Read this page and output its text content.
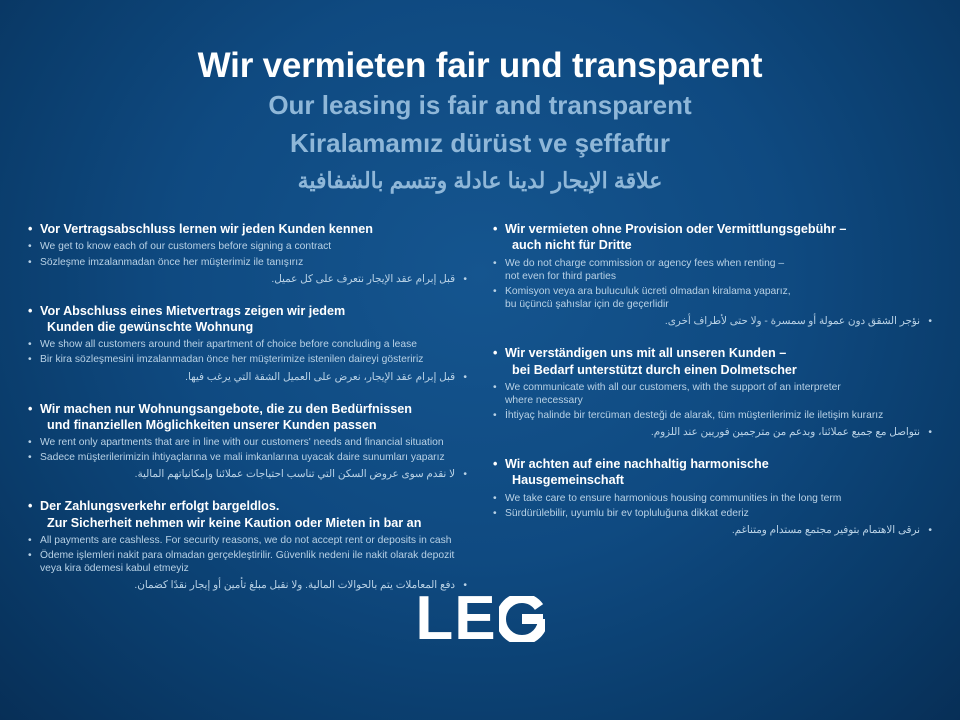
Wir vermieten fair und transparent
Our leasing is fair and transparent
Kiralamamız dürüst ve şeffaftır
علاقة الإيجار لدينا عادلة وتتسم بالشفافية
• Vor Vertragsabschluss lernen wir jeden Kunden kennen
• We get to know each of our customers before signing a contract
• Sözleşme imzalanmadan önce her müşterimiz ile tanışırız
• قبل إبرام عقد الإيجار نتعرف على كل عميل.
• Vor Abschluss eines Mietvertrags zeigen wir jedem
Kunden die gewünschte Wohnung
• We show all customers around their apartment of choice before concluding a lease
• Bir kira sözleşmesini imzalanmadan önce her müşterimize istenilen daireyi gösteririz
• قبل إبرام عقد الإيجار، نعرض على العميل الشقة التي يرغب فيها.
• Wir machen nur Wohnungsangebote, die zu den Bedürfnissen
und finanziellen Möglichkeiten unserer Kunden passen
• We rent only apartments that are in line with our customers' needs and financial situation
• Sadece müşterilerimizin ihtiyaçlarına ve mali imkanlarına uyacak daire sunumları yaparız
• لا نقدم سوى عروض السكن التي تناسب احتياجات عملائنا وإمكانياتهم المالية.
• Der Zahlungsverkehr erfolgt bargeldlos.
Zur Sicherheit nehmen wir keine Kaution oder Mieten in bar an
• All payments are cashless. For security reasons, we do not accept rent or deposits in cash
• Ödeme işlemleri nakit para olmadan gerçekleştirilir. Güvenlik nedeni ile nakit olarak depozit
veya kira ödemesi kabul etmeyiz
• دفع المعاملات يتم بالحوالات المالية. ولا نقبل مبلغ تأمين أو إيجار نقدًا كضمان.
• Wir vermieten ohne Provision oder Vermittlungsgebühr –
auch nicht für Dritte
• We do not charge commission or agency fees when renting –
not even for third parties
• Komisyon veya ara buluculuk ücreti olmadan kiralama yaparız,
bu üçüncü şahıslar için de geçerlidir
• نؤجر الشقق دون عمولة أو سمسرة - ولا حتى لأطراف أخرى.
• Wir verständigen uns mit all unseren Kunden –
bei Bedarf unterstützt durch einen Dolmetscher
• We communicate with all our customers, with the support of an interpreter
where necessary
• İhtiyaç halinde bir tercüman desteği de alarak, tüm müşterilerimiz ile iletişim kurarız
• نتواصل مع جميع عملائنا، وبدعم من مترجمين فوريين عند اللزوم.
• Wir achten auf eine nachhaltig harmonische
Hausgemeinschaft
• We take care to ensure harmonious housing communities in the long term
• Sürdürülebilir, uyumlu bir ev topluluğuna dikkat ederiz
• نرقى الاهتمام بتوفير مجتمع مستدام ومتناغم.
LE
